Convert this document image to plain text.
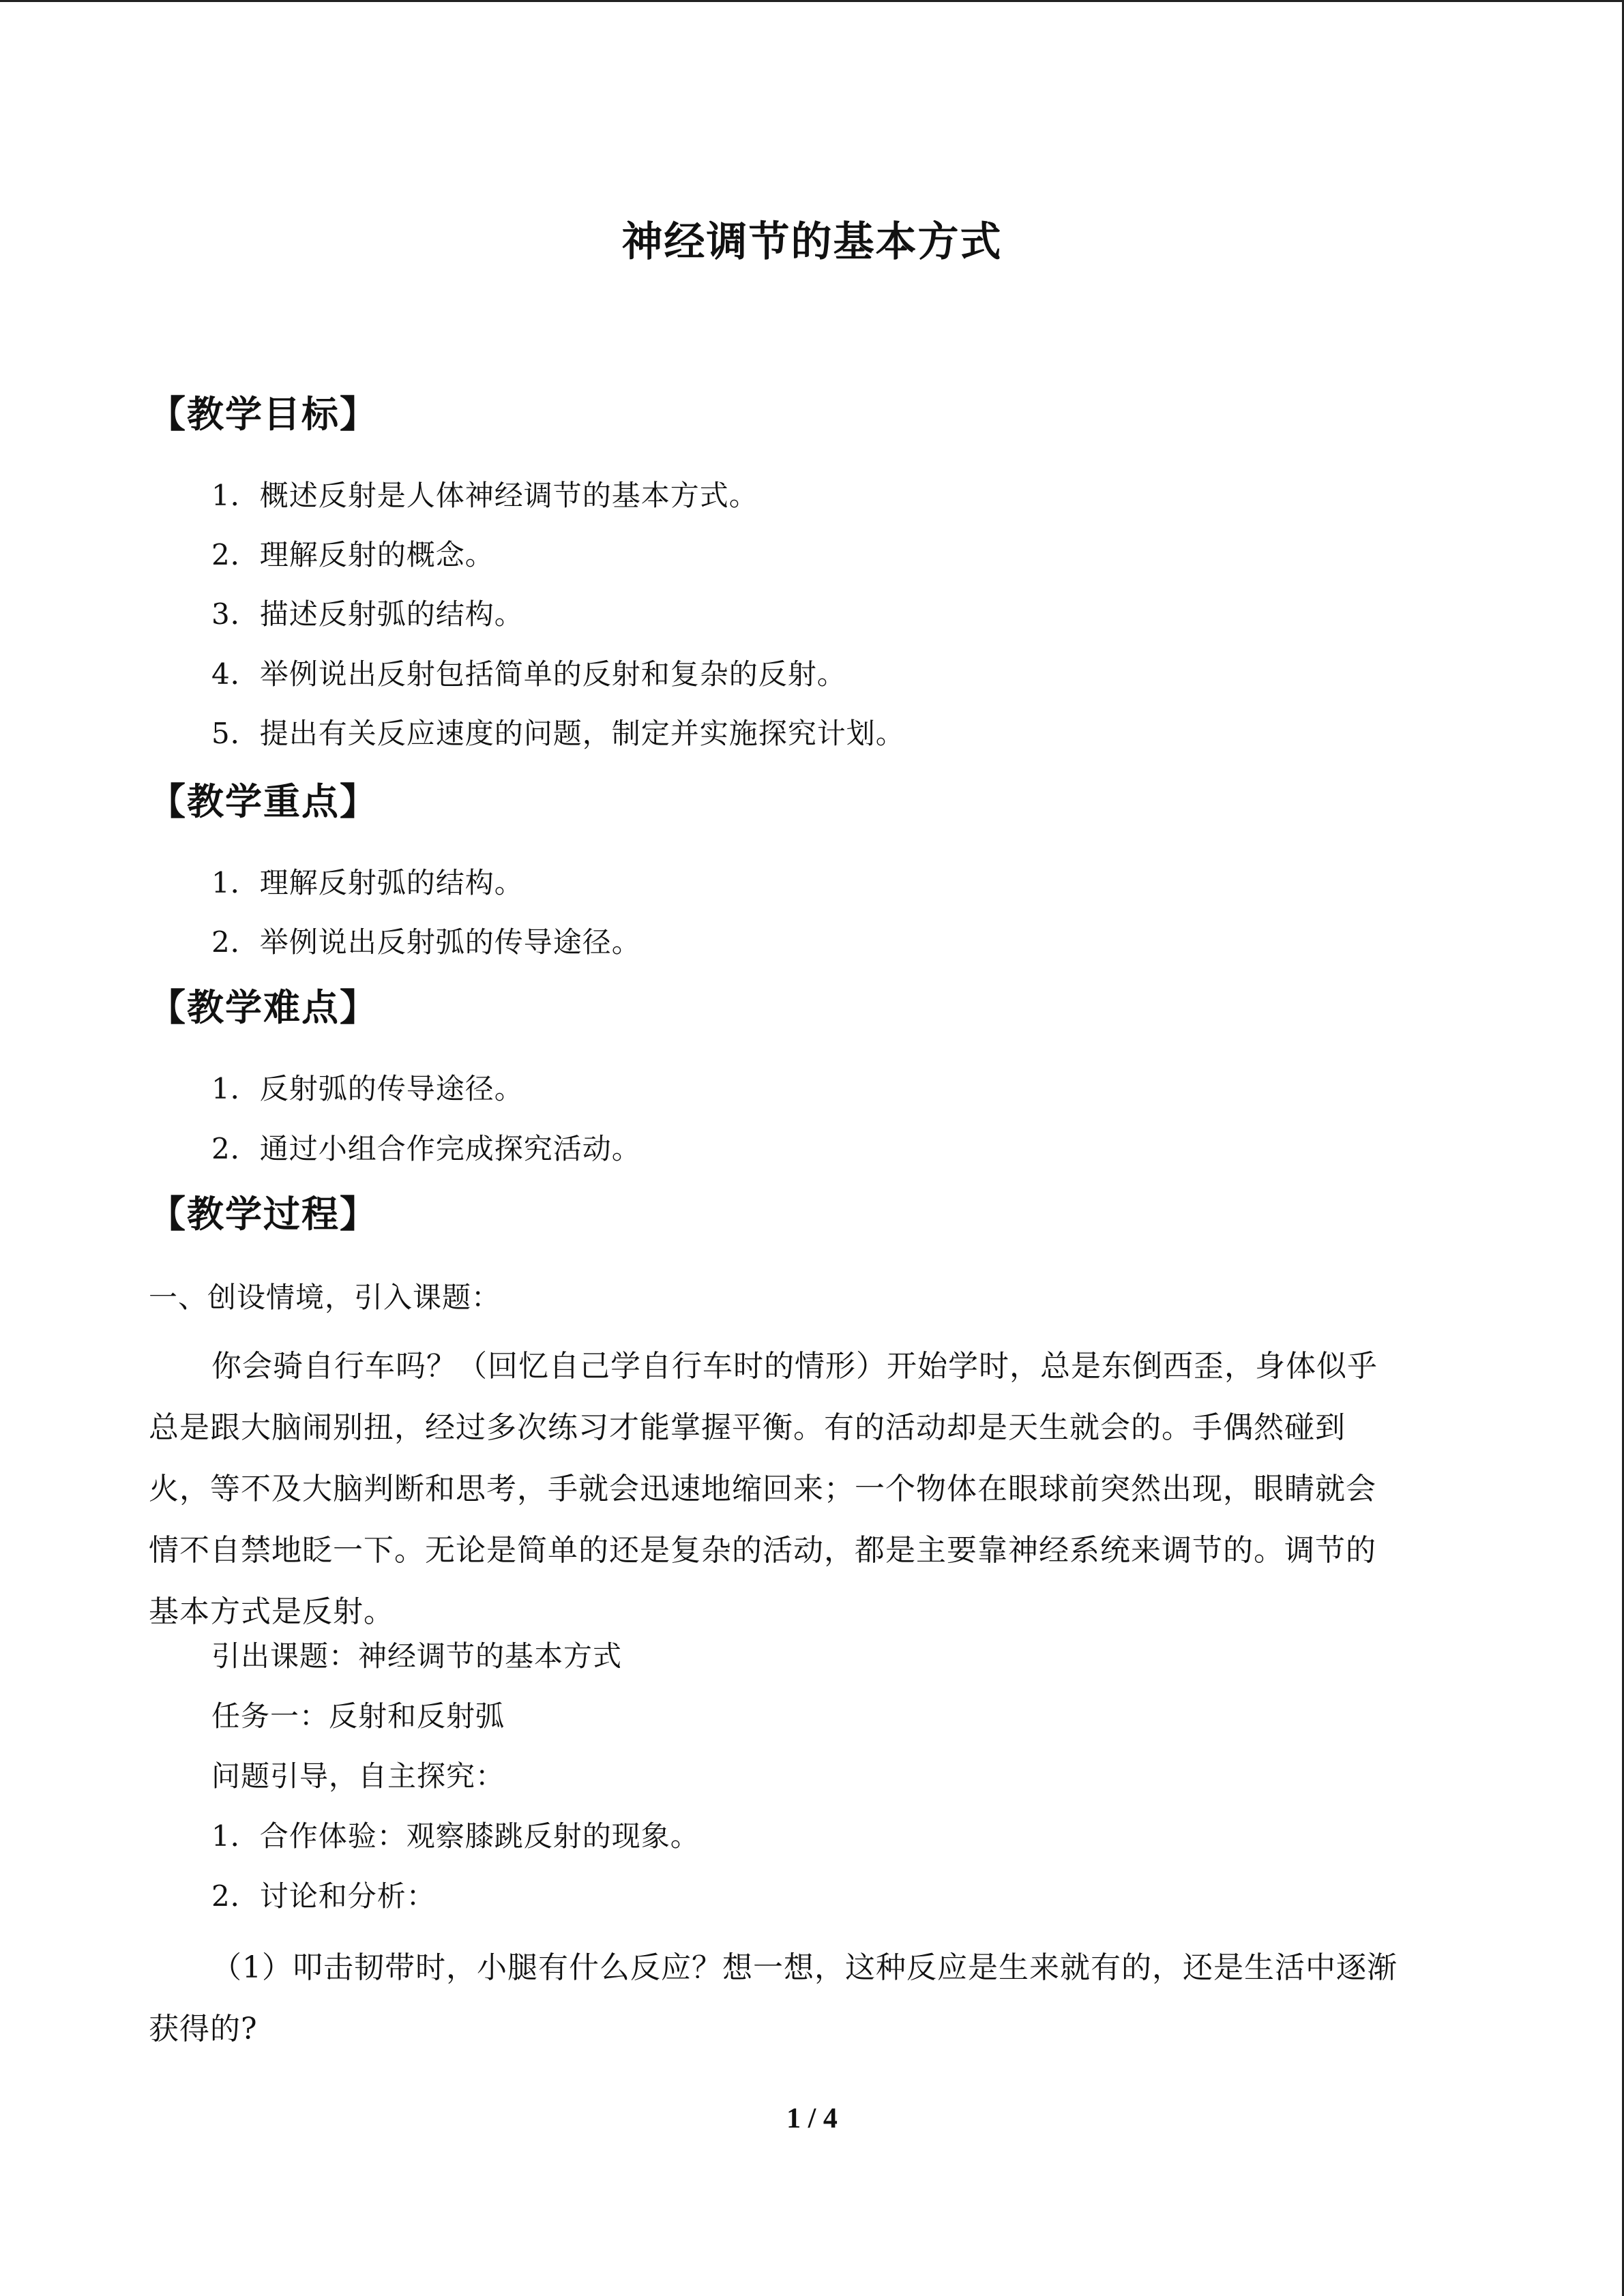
神经调节的基本方式
【教学目标】
1．概述反射是人体神经调节的基本方式。
2．理解反射的概念。
3．描述反射弧的结构。
4．举例说出反射包括简单的反射和复杂的反射。
5．提出有关反应速度的问题，制定并实施探究计划。
【教学重点】
1．理解反射弧的结构。
2．举例说出反射弧的传导途径。
【教学难点】
1．反射弧的传导途径。
2．通过小组合作完成探究活动。
【教学过程】
一、创设情境，引入课题：
你会骑自行车吗？（回忆自己学自行车时的情形）开始学时，总是东倒西歪，身体似乎
总是跟大脑闹别扭，经过多次练习才能掌握平衡。有的活动却是天生就会的。手偶然碰到
火，等不及大脑判断和思考，手就会迅速地缩回来；一个物体在眼球前突然出现，眼睛就会
情不自禁地眨一下。无论是简单的还是复杂的活动，都是主要靠神经系统来调节的。调节的
基本方式是反射。
引出课题：神经调节的基本方式
任务一：反射和反射弧
问题引导，自主探究：
1．合作体验：观察膝跳反射的现象。
2．讨论和分析：
（1）叩击韧带时，小腿有什么反应？想一想，这种反应是生来就有的，还是生活中逐渐
获得的?
1 / 4
